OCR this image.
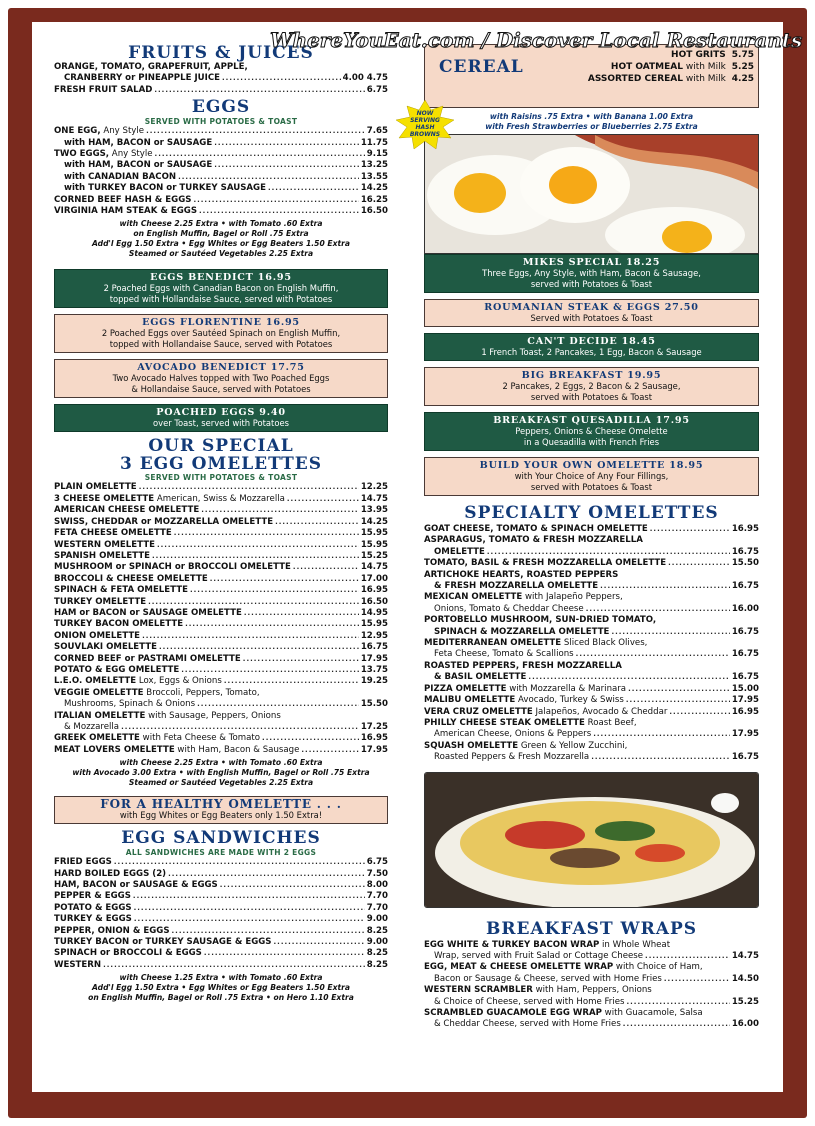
FRUITS & JUICES
ORANGE, TOMATO, GRAPEFRUIT, APPLE,
CRANBERRY or PINEAPPLE JUICE .....	4.00 4.75
FRESH FRUIT SALAD .....	6.75
EGGS
SERVED WITH POTATOES & TOAST
ONE EGG, Any Style .....	7.65
with HAM, BACON or SAUSAGE .....	11.75
TWO EGGS, Any Style .....	9.15
with HAM, BACON or SAUSAGE .....	13.25
with CANADIAN BACON .....	13.55
with TURKEY BACON or TURKEY SAUSAGE .....	14.25
CORNED BEEF HASH & EGGS .....	16.25
VIRGINIA HAM STEAK & EGGS .....	16.50
with Cheese 2.25 Extra • with Tomato .60 Extra
on English Muffin, Bagel or Roll .75 Extra
Add'l Egg 1.50 Extra • Egg Whites or Egg Beaters 1.50 Extra
Steamed or Sautéed Vegetables 2.25 Extra
EGGS BENEDICT 16.95
2 Poached Eggs with Canadian Bacon on English Muffin,
topped with Hollandaise Sauce, served with Potatoes
EGGS FLORENTINE 16.95
2 Poached Eggs over Sautéed Spinach on English Muffin,
topped with Hollandaise Sauce, served with Potatoes
AVOCADO BENEDICT 17.75
Two Avocado Halves topped with Two Poached Eggs
& Hollandaise Sauce, served with Potatoes
POACHED EGGS 9.40
over Toast, served with Potatoes
OUR SPECIAL
3 EGG OMELETTES
SERVED WITH POTATOES & TOAST
PLAIN OMELETTE .....	12.25
3 CHEESE OMELETTE American, Swiss & Mozzarella .....	14.75
AMERICAN CHEESE OMELETTE .....	13.95
SWISS, CHEDDAR or MOZZARELLA OMELETTE .....	14.25
FETA CHEESE OMELETTE .....	15.95
WESTERN OMELETTE .....	15.95
SPANISH OMELETTE .....	15.25
MUSHROOM or SPINACH or BROCCOLI OMELETTE .....	14.75
BROCCOLI & CHEESE OMELETTE .....	17.00
SPINACH & FETA OMELETTE .....	16.95
TURKEY OMELETTE .....	16.50
HAM or BACON or SAUSAGE OMELETTE .....	14.95
TURKEY BACON OMELETTE .....	15.95
ONION OMELETTE .....	12.95
SOUVLAKI OMELETTE .....	16.75
CORNED BEEF or PASTRAMI OMELETTE .....	17.95
POTATO & EGG OMELETTE .....	13.75
L.E.O. OMELETTE Lox, Eggs & Onions .....	19.25
VEGGIE OMELETTE Broccoli, Peppers, Tomato,
Mushrooms, Spinach & Onions .....	15.50
ITALIAN OMELETTE with Sausage, Peppers, Onions
& Mozzarella .....	17.25
GREEK OMELETTE with Feta Cheese & Tomato .....	16.95
MEAT LOVERS OMELETTE with Ham, Bacon & Sausage .....	17.95
with Cheese 2.25 Extra • with Tomato .60 Extra
with Avocado 3.00 Extra • with English Muffin, Bagel or Roll .75 Extra
Steamed or Sautéed Vegetables 2.25 Extra
FOR A HEALTHY OMELETTE . . .
with Egg Whites or Egg Beaters only 1.50 Extra!
EGG SANDWICHES
ALL SANDWICHES ARE MADE WITH 2 EGGS
FRIED EGGS .....	6.75
HARD BOILED EGGS (2) .....	7.50
HAM, BACON or SAUSAGE & EGGS .....	8.00
PEPPER & EGGS .....	7.70
POTATO & EGGS .....	7.70
TURKEY & EGGS .....	9.00
PEPPER, ONION & EGGS .....	8.25
TURKEY BACON or TURKEY SAUSAGE & EGGS .....	9.00
SPINACH or BROCCOLI & EGGS .....	8.25
WESTERN .....	8.25
with Cheese 1.25 Extra • with Tomato .60 Extra
Add'l Egg 1.50 Extra • Egg Whites or Egg Beaters 1.50 Extra
on English Muffin, Bagel or Roll .75 Extra • on Hero 1.10 Extra
CEREAL
HOT GRITS 5.75
HOT OATMEAL with Milk 5.25
ASSORTED CEREAL with Milk 4.25
with Raisins .75 Extra • with Banana 1.00 Extra
with Fresh Strawberries or Blueberries 2.75 Extra
MIKES SPECIAL 18.25
Three Eggs, Any Style, with Ham, Bacon & Sausage,
served with Potatoes & Toast
ROUMANIAN STEAK & EGGS 27.50
Served with Potatoes & Toast
CAN'T DECIDE 18.45
1 French Toast, 2 Pancakes, 1 Egg, Bacon & Sausage
BIG BREAKFAST 19.95
2 Pancakes, 2 Eggs, 2 Bacon & 2 Sausage,
served with Potatoes & Toast
BREAKFAST QUESADILLA 17.95
Peppers, Onions & Cheese Omelette
in a Quesadilla with French Fries
BUILD YOUR OWN OMELETTE 18.95
with Your Choice of Any Four Fillings,
served with Potatoes & Toast
SPECIALTY OMELETTES
GOAT CHEESE, TOMATO & SPINACH OMELETTE .....	16.95
ASPARAGUS, TOMATO & FRESH MOZZARELLA
OMELETTE .....	16.75
TOMATO, BASIL & FRESH MOZZARELLA OMELETTE .....	15.50
ARTICHOKE HEARTS, ROASTED PEPPERS
& FRESH MOZZARELLA OMELETTE .....	16.75
MEXICAN OMELETTE with Jalapeño Peppers,
Onions, Tomato & Cheddar Cheese .....	16.00
PORTOBELLO MUSHROOM, SUN-DRIED TOMATO,
SPINACH & MOZZARELLA OMELETTE .....	16.75
MEDITERRANEAN OMELETTE Sliced Black Olives,
Feta Cheese, Tomato & Scallions .....	16.75
ROASTED PEPPERS, FRESH MOZZARELLA
& BASIL OMELETTE .....	16.75
PIZZA OMELETTE with Mozzarella & Marinara .....	15.00
MALIBU OMELETTE Avocado, Turkey & Swiss .....	17.95
VERA CRUZ OMELETTE Jalapeños, Avocado & Cheddar .....	16.95
PHILLY CHEESE STEAK OMELETTE Roast Beef,
American Cheese, Onions & Peppers .....	17.95
SQUASH OMELETTE Green & Yellow Zucchini,
Roasted Peppers & Fresh Mozzarella .....	16.75
BREAKFAST WRAPS
EGG WHITE & TURKEY BACON WRAP in Whole Wheat
Wrap, served with Fruit Salad or Cottage Cheese .....	14.75
EGG, MEAT & CHEESE OMELETTE WRAP with Choice of Ham,
Bacon or Sausage & Cheese, served with Home Fries .....	14.50
WESTERN SCRAMBLER with Ham, Peppers, Onions
& Choice of Cheese, served with Home Fries .....	15.25
SCRAMBLED GUACAMOLE EGG WRAP with Guacamole, Salsa
& Cheddar Cheese, served with Home Fries .....	16.00
NOW
SERVING
HASH
BROWNS
WhereYouEat.com / Discover Local Restaurants
